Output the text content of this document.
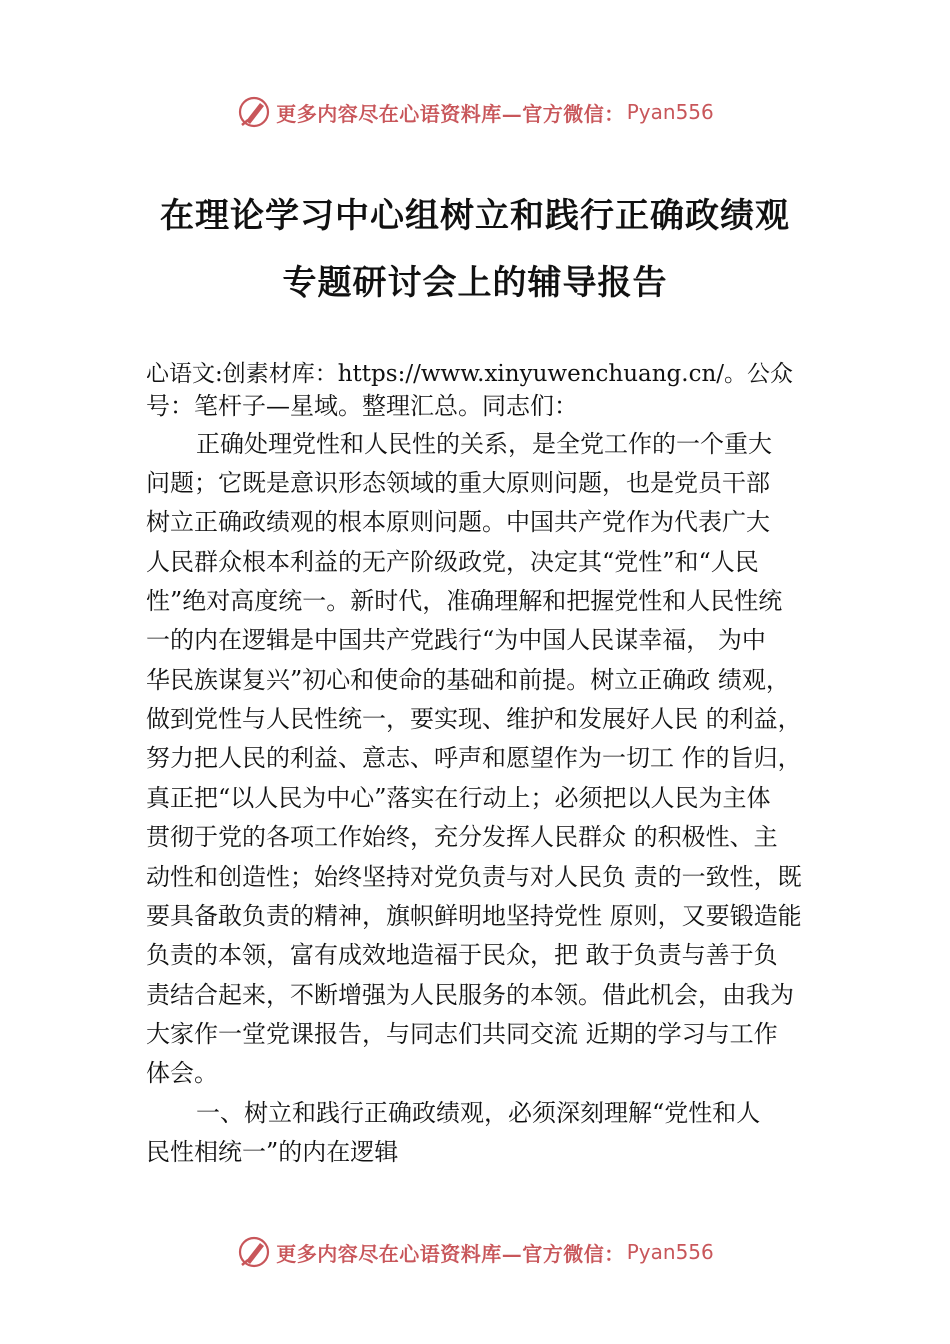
更多内容尽在心语资料库—官方微信： Pyan556
在理论学习中心组树立和践行正确政绩观
专题研讨会上的辅导报告
心语文:创素材库：https://www.xinyuwenchuang.cn/。公众
号：笔杆子—星域。整理汇总。同志们：
正确处理党性和人民性的关系，是全党工作的一个重大
问题；它既是意识形态领域的重大原则问题，也是党员干部
树立正确政绩观的根本原则问题。中国共产党作为代表广大
人民群众根本利益的无产阶级政党，决定其“党性”和“人民
性”绝对高度统一。新时代，准确理解和把握党性和人民性统
一的内在逻辑是中国共产党践行“为中国人民谋幸福， 为中
华民族谋复兴”初心和使命的基础和前提。树立正确政 绩观，
做到党性与人民性统一，要实现、维护和发展好人民 的利益，
努力把人民的利益、意志、呼声和愿望作为一切工 作的旨归，
真正把“以人民为中心”落实在行动上；必须把以人民为主体
贯彻于党的各项工作始终，充分发挥人民群众 的积极性、主
动性和创造性；始终坚持对党负责与对人民负 责的一致性，既
要具备敢负责的精神，旗帜鲜明地坚持党性 原则，又要锻造能
负责的本领，富有成效地造福于民众，把 敢于负责与善于负
责结合起来，不断增强为人民服务的本领。借此机会，由我为
大家作一堂党课报告，与同志们共同交流 近期的学习与工作
体会。
一、树立和践行正确政绩观，必须深刻理解“党性和人
民性相统一”的内在逻辑
更多内容尽在心语资料库—官方微信： Pyan556
